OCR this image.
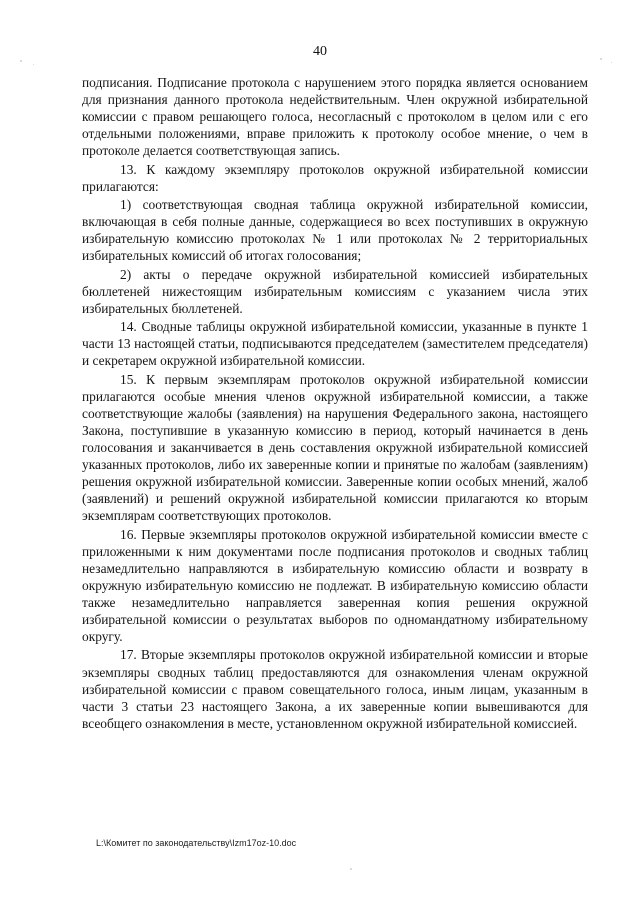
40

подписания. Подписание протокола с нарушением этого порядка является основанием для признания данного протокола недействительным. Член окружной избирательной комиссии с правом решающего голоса, несогласный с протоколом в целом или с его отдельными положениями, вправе приложить к протоколу особое мнение, о чем в протоколе делается соответствующая запись.

13. К каждому экземпляру протоколов окружной избирательной комиссии прилагаются:

1) соответствующая сводная таблица окружной избирательной комиссии, включающая в себя полные данные, содержащиеся во всех поступивших в окружную избирательную комиссию протоколах № 1 или протоколах № 2 территориальных избирательных комиссий об итогах голосования;

2) акты о передаче окружной избирательной комиссией избирательных бюллетеней нижестоящим избирательным комиссиям с указанием числа этих избирательных бюллетеней.

14. Сводные таблицы окружной избирательной комиссии, указанные в пункте 1 части 13 настоящей статьи, подписываются председателем (заместителем председателя) и секретарем окружной избирательной комиссии.

15. К первым экземплярам протоколов окружной избирательной комиссии прилагаются особые мнения членов окружной избирательной комиссии, а также соответствующие жалобы (заявления) на нарушения Федерального закона, настоящего Закона, поступившие в указанную комиссию в период, который начинается в день голосования и заканчивается в день составления окружной избирательной комиссией указанных протоколов, либо их заверенные копии и принятые по жалобам (заявлениям) решения окружной избирательной комиссии. Заверенные копии особых мнений, жалоб (заявлений) и решений окружной избирательной комиссии прилагаются ко вторым экземплярам соответствующих протоколов.

16. Первые экземпляры протоколов окружной избирательной комиссии вместе с приложенными к ним документами после подписания протоколов и сводных таблиц незамедлительно направляются в избирательную комиссию области и возврату в окружную избирательную комиссию не подлежат. В избирательную комиссию области также незамедлительно направляется заверенная копия решения окружной избирательной комиссии о результатах выборов по одномандатному избирательному округу.

17. Вторые экземпляры протоколов окружной избирательной комиссии и вторые экземпляры сводных таблиц предоставляются для ознакомления членам окружной избирательной комиссии с правом совещательного голоса, иным лицам, указанным в части 3 статьи 23 настоящего Закона, а их заверенные копии вывешиваются для всеобщего ознакомления в месте, установленном окружной избирательной комиссией.

L:\Комитет по законодательству\Izm17oz-10.doc
